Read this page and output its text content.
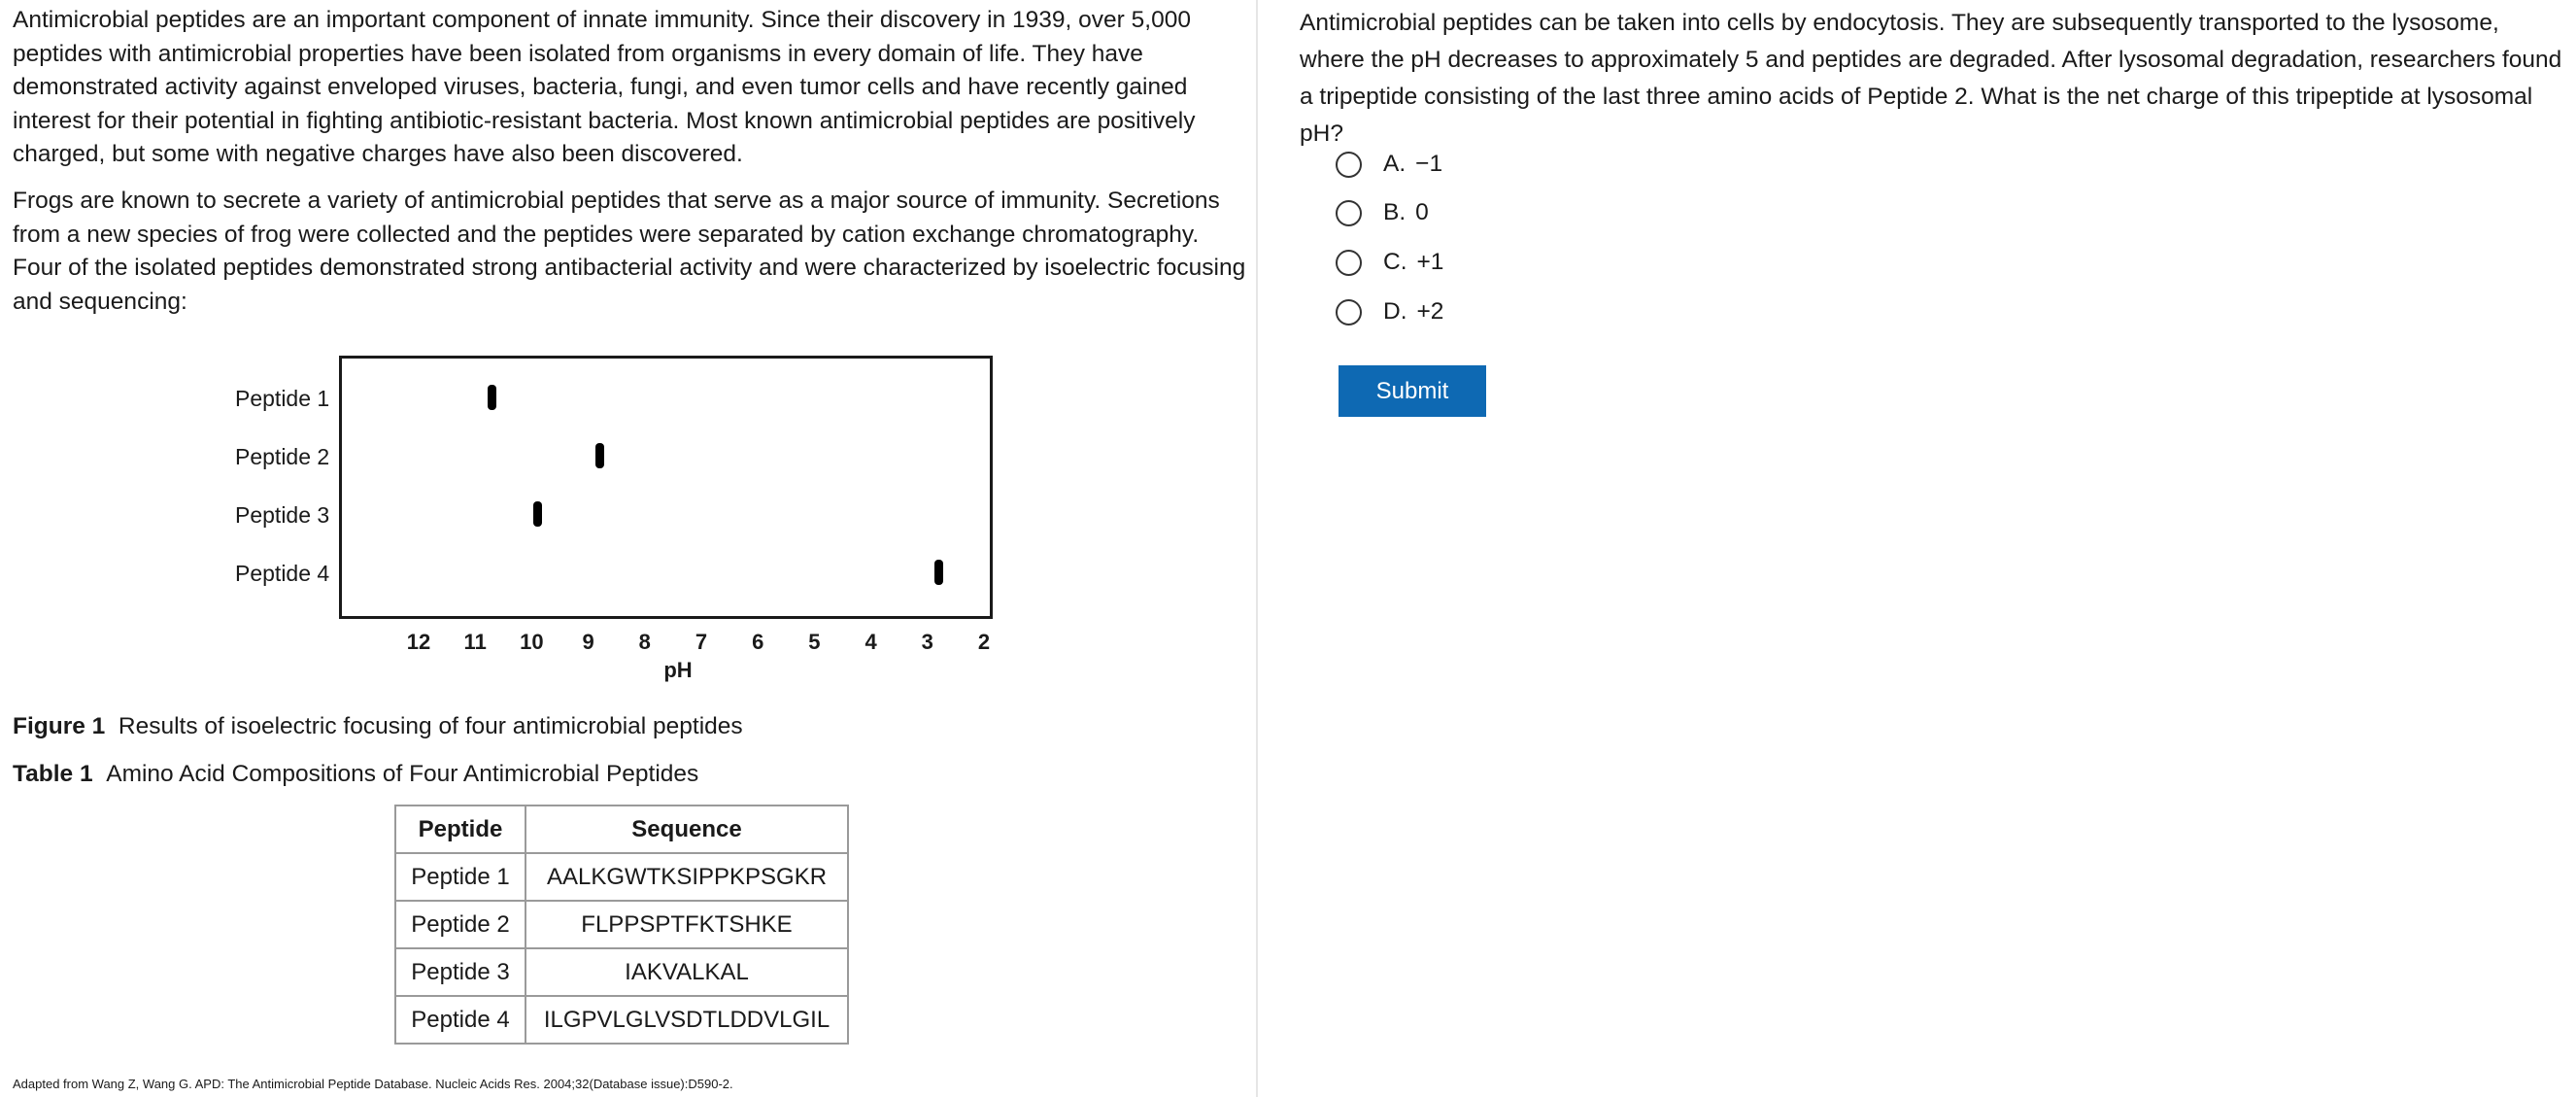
Antimicrobial peptides are an important component of innate immunity. Since their discovery in 1939, over 5,000 peptides with antimicrobial properties have been isolated from organisms in every domain of life. They have demonstrated activity against enveloped viruses, bacteria, fungi, and even tumor cells and have recently gained interest for their potential in fighting antibiotic-resistant bacteria. Most known antimicrobial peptides are positively charged, but some with negative charges have also been discovered.

Frogs are known to secrete a variety of antimicrobial peptides that serve as a major source of immunity. Secretions from a new species of frog were collected and the peptides were separated by cation exchange chromatography. Four of the isolated peptides demonstrated strong antibacterial activity and were characterized by isoelectric focusing and sequencing:

Peptide 1
Peptide 2
Peptide 3
Peptide 4
12	11	10	9	8	7	6	5	4	3	2
pH
Figure 1 Results of isoelectric focusing of four antimicrobial peptides
Table 1 Amino Acid Compositions of Four Antimicrobial Peptides
Peptide	Sequence
Peptide 1	AALKGWTKSIPPKPSGKR
Peptide 2	FLPPSPTFKTSHKE
Peptide 3	IAKVALKAL
Peptide 4	ILGPVLGLVSDTLDDVLGIL
Adapted from Wang Z, Wang G. APD: The Antimicrobial Peptide Database. Nucleic Acids Res. 2004;32(Database issue):D590-2.

Antimicrobial peptides can be taken into cells by endocytosis. They are subsequently transported to the lysosome, where the pH decreases to approximately 5 and peptides are degraded. After lysosomal degradation, researchers found a tripeptide consisting of the last three amino acids of Peptide 2. What is the net charge of this tripeptide at lysosomal pH?

A. −1
B. 0
C. +1
D. +2
Submit
